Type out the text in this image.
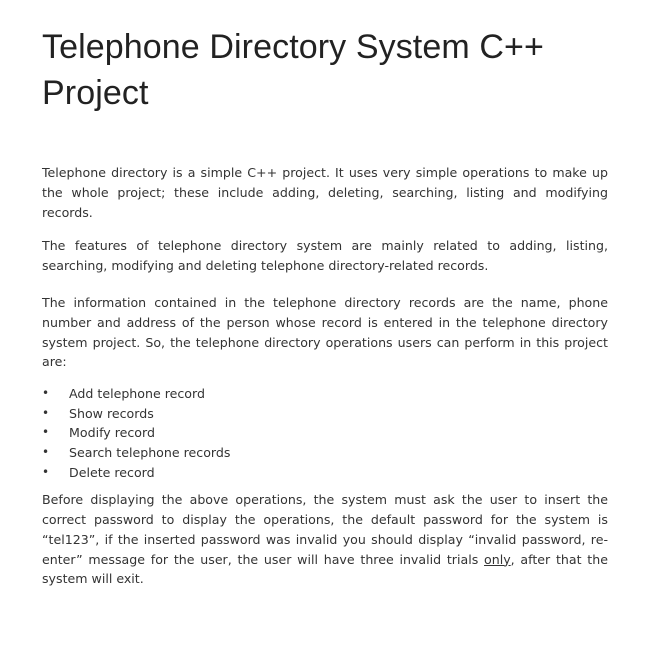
Telephone Directory System C++ Project

Telephone directory is a simple C++ project. It uses very simple operations to make up the whole project; these include adding, deleting, searching, listing and modifying records.

The features of telephone directory system are mainly related to adding, listing, searching, modifying and deleting telephone directory-related records.

The information contained in the telephone directory records are the name, phone number and address of the person whose record is entered in the telephone directory system project. So, the telephone directory operations users can perform in this project are:

•	Add telephone record
•	Show records
•	Modify record
•	Search telephone records
•	Delete record

Before displaying the above operations, the system must ask the user to insert the correct password to display the operations, the default password for the system is “tel123”, if the inserted password was invalid you should display “invalid password, re-enter” message for the user, the user will have three invalid trials only, after that the system will exit.
